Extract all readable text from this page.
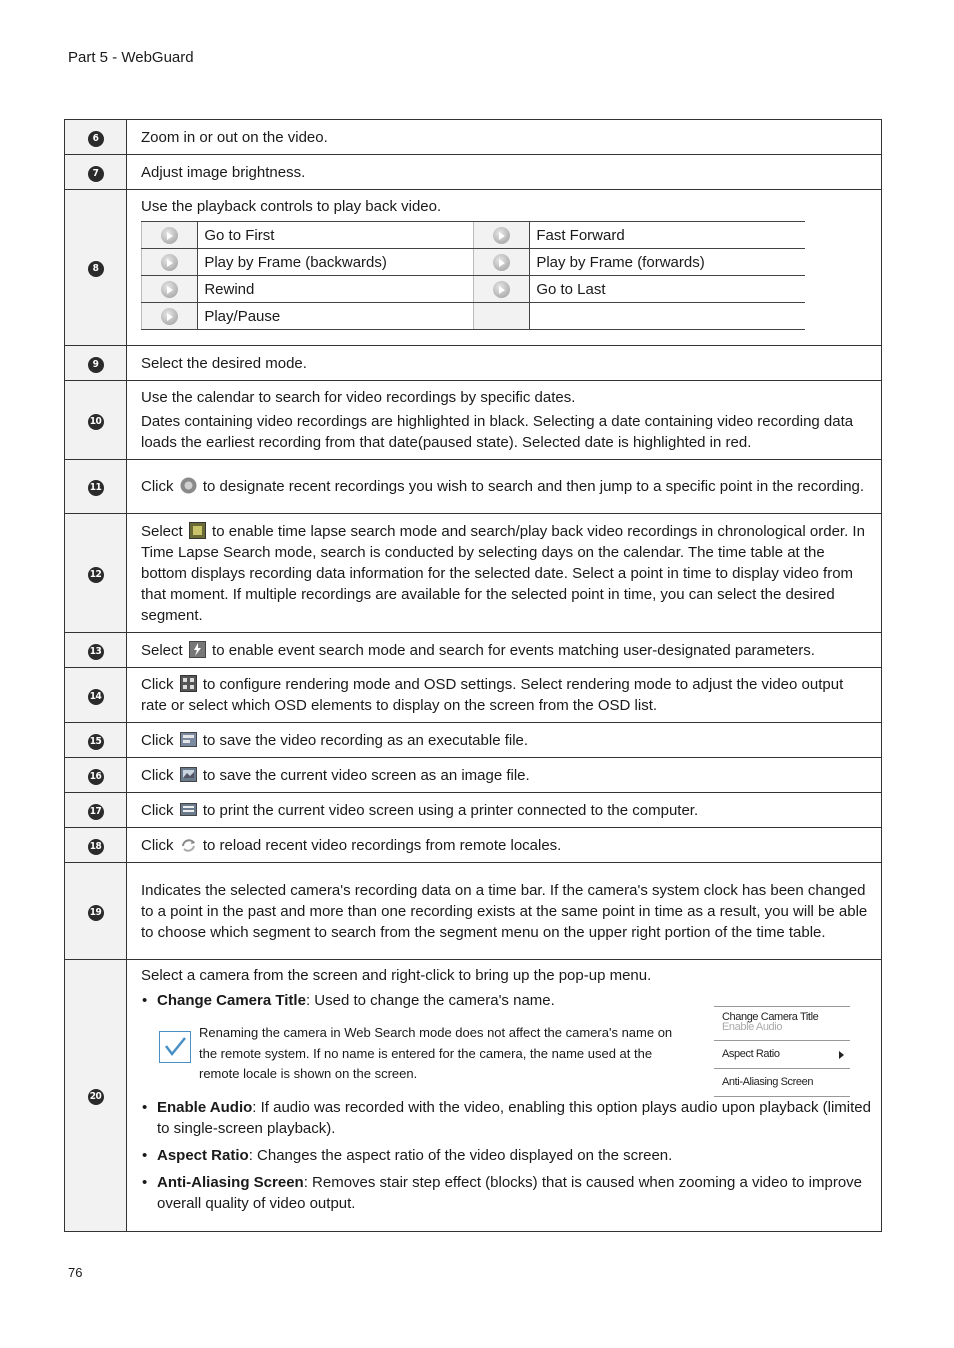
Part 5 - WebGuard
6	Zoom in or out on the video.
7	Adjust image brightness.
8	

Use the playback controls to play back video.

	Go to First		Fast Forward
	Play by Frame (backwards)		Play by Frame (forwards)
	Rewind		Go to Last
	Play/Pause		

9	Select the desired mode.
10	

Use the calendar to search for video recordings by specific dates.

Dates containing video recordings are highlighted in black. Selecting a date containing video recording data loads the earliest recording from that date(paused state). Selected date is highlighted in red.

11	Click to designate recent recordings you wish to search and then jump to a specific point in the recording.
12	Select to enable time lapse search mode and search/play back video recordings in chronological order. In Time Lapse Search mode, search is conducted by selecting days on the calendar. The time table at the bottom displays recording data information for the selected date. Select a point in time to display video from that moment. If multiple recordings are available for the selected point in time, you can select the desired segment.
13	Select to enable event search mode and search for events matching user-designated parameters.
14	Click to configure rendering mode and OSD settings. Select rendering mode to adjust the video output rate or select which OSD elements to display on the screen from the OSD list.
15	Click to save the video recording as an executable file.
16	Click to save the current video screen as an image file.
17	Click to print the current video screen using a printer connected to the computer.
18	Click to reload recent video recordings from remote locales.
19	Indicates the selected camera's recording data on a time bar. If the camera's system clock has been changed to a point in the past and more than one recording exists at the same point in time as a result, you will be able to choose which segment to search from the segment menu on the upper right portion of the time table.
20	

Select a camera from the screen and right-click to bring up the pop-up menu.

• Change Camera Title: Used to change the camera's name.
Renaming the camera in Web Search mode does not affect the camera's name on the remote system. If no name is entered for the camera, the name used at the remote locale is shown on the screen.
Change Camera Title
Enable Audio
Aspect Ratio
Anti-Aliasing Screen
• Enable Audio: If audio was recorded with the video, enabling this option plays audio upon playback (limited to single-screen playback).
• Aspect Ratio: Changes the aspect ratio of the video displayed on the screen.
• Anti-Aliasing Screen: Removes stair step effect (blocks) that is caused when zooming a video to improve overall quality of video output.
76
